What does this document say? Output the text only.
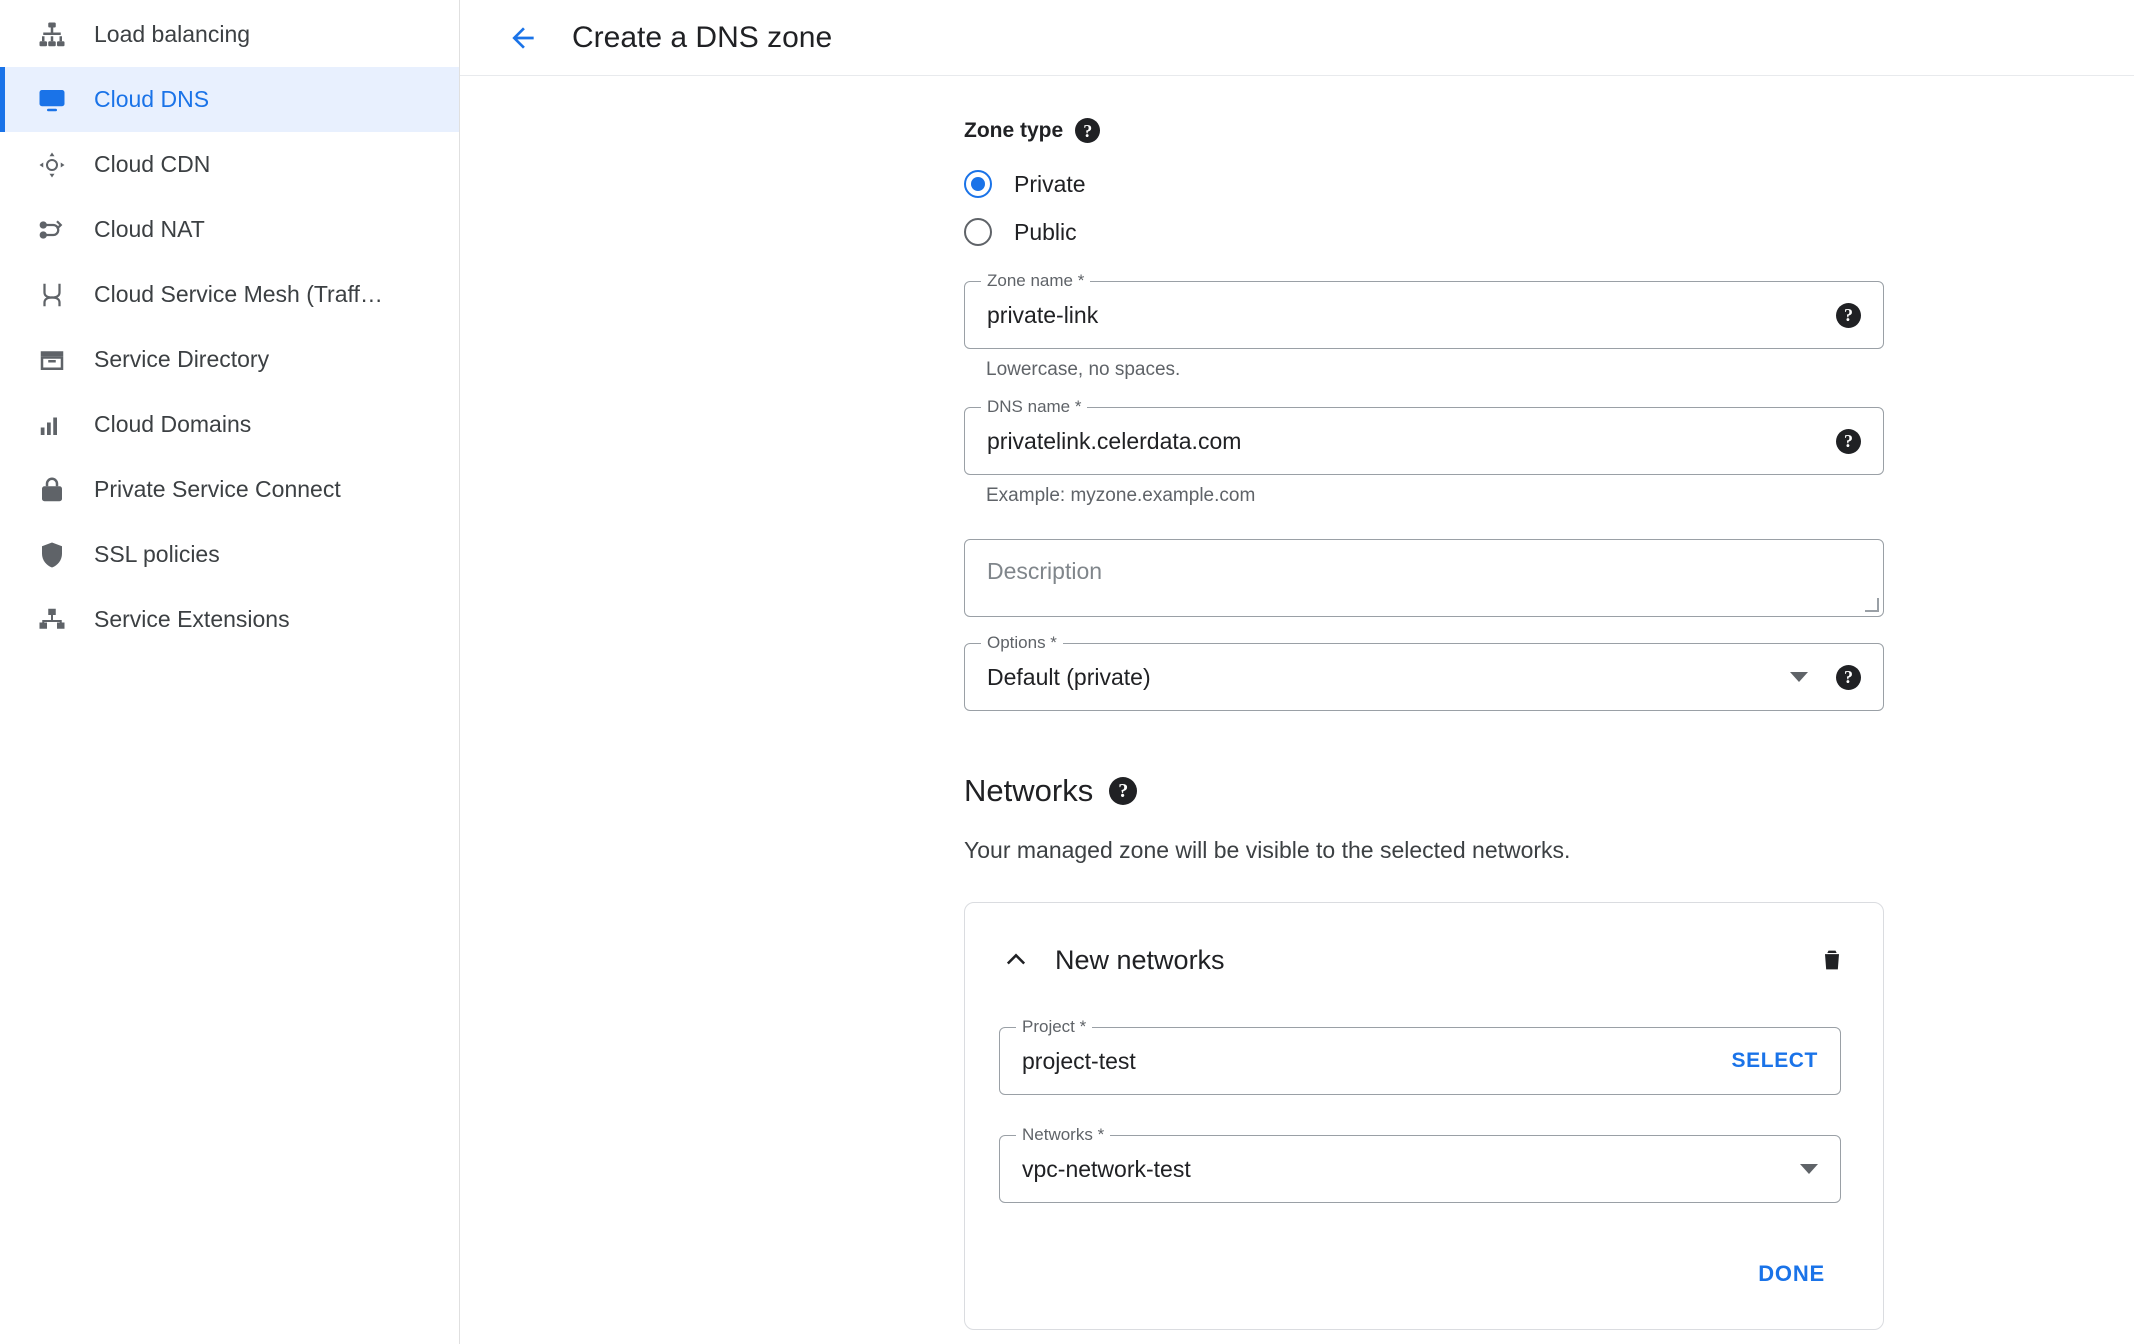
Load balancing
Cloud DNS
Cloud CDN
Cloud NAT
Cloud Service Mesh (Traff…
Service Directory
Cloud Domains
Private Service Connect
SSL policies
Service Extensions
Create a DNS zone
Zone type	?
Private
Public
Zone name *
private-link	?
Lowercase, no spaces.
DNS name *
privatelink.celerdata.com	?
Example: myzone.example.com
Description
Options *
Default (private)	?
Networks	?
Your managed zone will be visible to the selected networks.
New networks
Project *
project-test	SELECT
Networks *
vpc-network-test
DONE
